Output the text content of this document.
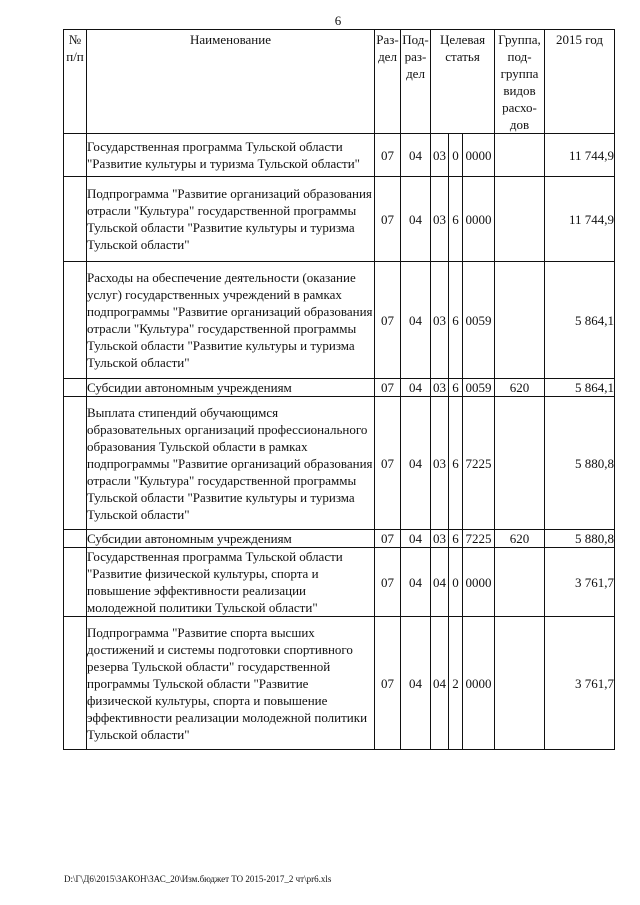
6
№ п/п	Наименование	Раз-дел	Под-раз-дел	Целевая статья			Группа, под-группа видов расхо-дов	2015 год
	Государственная программа Тульской области "Развитие культуры и туризма Тульской области"	07	04	03	0	0000		11 744,9
	Подпрограмма "Развитие организаций образования отрасли "Культура" государственной программы Тульской области "Развитие культуры и туризма Тульской области"	07	04	03	6	0000		11 744,9
	Расходы на обеспечение деятельности (оказание услуг) государственных учреждений в рамках подпрограммы "Развитие организаций образования отрасли "Культура" государственной программы Тульской области "Развитие культуры и туризма Тульской области"	07	04	03	6	0059		5 864,1
	Субсидии автономным учреждениям	07	04	03	6	0059	620	5 864,1
	Выплата стипендий обучающимся образовательных организаций профессионального образования Тульской области в рамках подпрограммы "Развитие организаций образования отрасли "Культура" государственной программы Тульской области "Развитие культуры и туризма Тульской области"	07	04	03	6	7225		5 880,8
	Субсидии автономным учреждениям	07	04	03	6	7225	620	5 880,8
	Государственная программа Тульской области "Развитие физической культуры, спорта и повышение эффективности реализации молодежной политики Тульской области"	07	04	04	0	0000		3 761,7
	Подпрограмма "Развитие спорта высших достижений и системы подготовки спортивного резерва Тульской области" государственной программы Тульской области "Развитие физической культуры, спорта и повышение эффективности реализации молодежной политики Тульской области"	07	04	04	2	0000		3 761,7
D:\Г\Д6\2015\ЗАКОН\ЗАС_20\Изм.бюджет ТО 2015-2017_2 чт\pr6.xls
